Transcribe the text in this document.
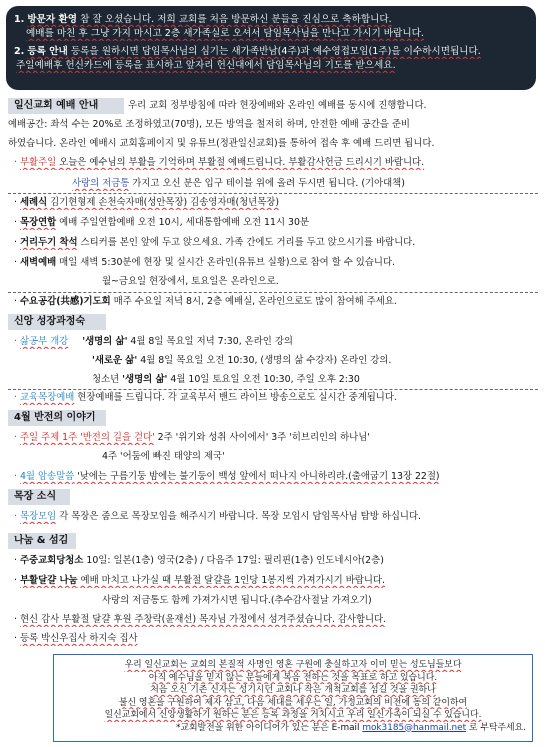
1. 방문자 환영 참 잘 오셨습니다. 저희 교회를 처음 방문하신 분들을 진심으로 축하합니다.
예배를 마친 후 그냥 가지 마시고 2층 새가족실로 오셔서 담임목사님을 만나고 가시기 바랍니다.
2. 등록 안내 등록을 원하시면 담임목사님의 심기는 새가족반남(4주)과 예수영접모임(1주)을 이수하시면됩니다.
주일예배후 헌신카드에 등록을 표시하고 앞자리 헌신대에서 담임목사님의 기도를 받으세요.
일신교회 예배 안내	우리 교회 정부방침에 따라 현장예배와 온라인 예배를 동시에 진행합니다.
예배공간: 좌석 수는 20%로 조정하였고(70명), 모든 방역을 철저히 하며, 안전한 예배 공간을 준비
하였습니다. 온라인 예배시 교회홈페이지 및 유튜브(정관일신교회)를 통하여 접속 후 예배 드리면 됩니다.
· 부활주일 오늘은 예수님의 부활을 기억하며 부활절 예배드립니다. 부활감사헌금 드리시기 바랍니다.
사랑의 저금통 가지고 오신 분은 입구 테이블 위에 올려 두시면 됩니다. (기아대책)
· 세례식 김기현형제 손천숙자매(성안목장) 김송영자매(청년목장)
· 목장연합 예배 주일연합예배 오전 10시, 세대통합예배 오전 11시 30분
· 거리두기 착석 스티커를 본인 앞에 두고 앉으세요. 가족 간에도 거리를 두고 앉으시기를 바랍니다.
· 새벽예배 매일 새벽 5:30분에 현장 및 실시간 온라인(유튜브 실황)으로 참여 할 수 있습니다.
월~금요일 현장에서, 토요일은 온라인으로.
· 수요공감(共感)기도회 매주 수요일 저녁 8시, 2층 예배실, 온라인으로도 많이 참여해 주세요.
신앙 성장과정숙
· 삶공부 개강 '생명의 삶' 4월 8일 목요일 저녁 7:30, 온라인 강의
'새로운 삶' 4월 8일 목요일 오전 10:30, (생명의 삶 수강자) 온라인 강의.
청소년 '생명의 삶' 4월 10일 토요일 오전 10:30, 주일 오후 2:30
· 교육목장예배 현장예배를 드립니다. 각 교육부서 밴드 라이브 방송으로도 실시간 중계됩니다.
4월 반전의 이야기
· 주일 주제 1주 '반전의 길을 걷다' 2주 '위기와 성취 사이에서' 3주 '히브리인의 하나님'
4주 '어둠에 빠진 태양의 제국'
· 4월 암송말씀 '낮에는 구름기둥 밤에는 불기둥이 백성 앞에서 떠나지 아니하리라.(출애굽기 13장 22절)
목장 소식
· 목장모임 각 목장은 줌으로 목장모임을 해주시기 바랍니다. 목장 모임시 담임목사님 탐방 하십니다.
나눔 & 섬김
· 주중교회당청소 10일: 일본(1층) 영국(2층) / 다음주 17일: 필리핀(1층) 인도네시아(2층)
· 부활달걀 나눔 예배 마치고 나가실 때 부활절 달걀을 1인당 1봉지씩 가져가시기 바랍니다.
사랑의 저금통도 함께 가져가시면 됩니다.(추수감사절날 가져오기)
· 현신 감사 부활절 달걀 후원 주창락(윤재선) 목자님 가정에서 섬겨주셨습니다. 감사합니다.
· 등록 박신우집사 하지숙 집사
우리 일신교회는 교회의 본질적 사명인 영혼 구원에 충실하고자 이미 믿는 성도님들보다
아직 예수님을 믿지 않는 분들에게 복음 전하는 것을 목표로 하고 있습니다.
처음 오신 기존 신자는 성기시던 교회나 작은 개척교회를 섬길 것을 권하나
불신 영혼을 구원하여 제자 삼고, 다음 세대를 세우는 일, 가정교회의 비전에 동의 같이하여
일신교회에서 신앙생활하기 원하는 분은 등록 과정을 거치시고 우리 일신가족이 되실 수 있습니다.
*교회발전을 위한 아이디어가 있는 분은 E-mail mok3185@hanmail.net 로 부탁주세요.
